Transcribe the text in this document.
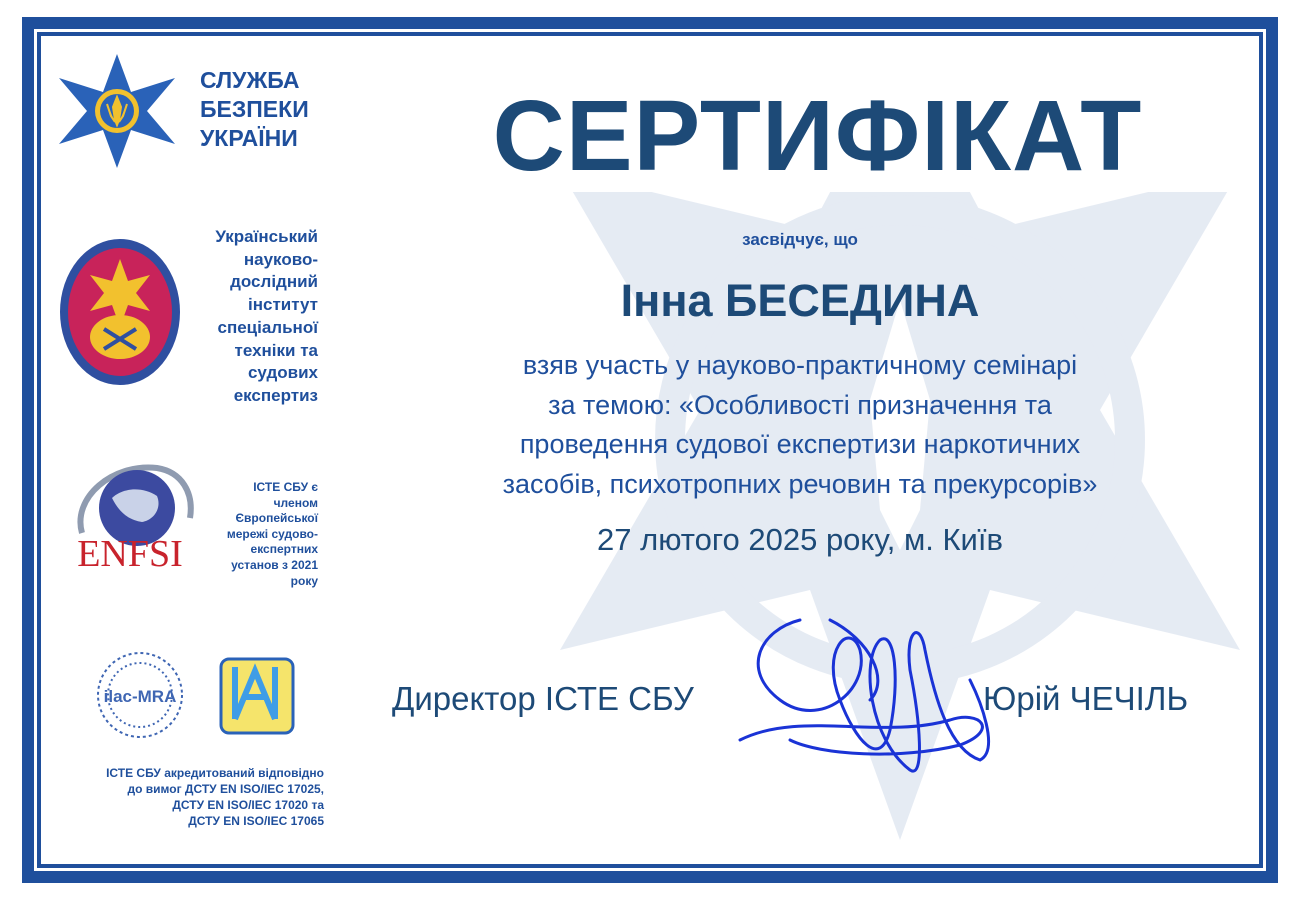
СЛУЖБА
БЕЗПЕКИ
УКРАЇНИ	СЕРТИФІКАТ
Український
науково-
дослідний
інститут
спеціальної
техніки та
судових
експертиз
ENFSI
ІСТЕ СБУ є
членом
Європейської
мережі судово-
експертних
установ з 2021
року
ilac-MRA
ІСТЕ СБУ акредитований відповідно
до вимог ДСТУ EN ISO/IEC 17025,
ДСТУ EN ISO/IEC 17020 та
ДСТУ EN ISO/IEC 17065
засвідчує, що
Інна БЕСЕДИНА
взяв участь у науково-практичному семінарі
за темою: «Особливості призначення та
проведення судової експертизи наркотичних
засобів, психотропних речовин та прекурсорів»
27 лютого 2025 року, м. Київ
Директор ІСТЕ СБУ	Юрій ЧЕЧІЛЬ
